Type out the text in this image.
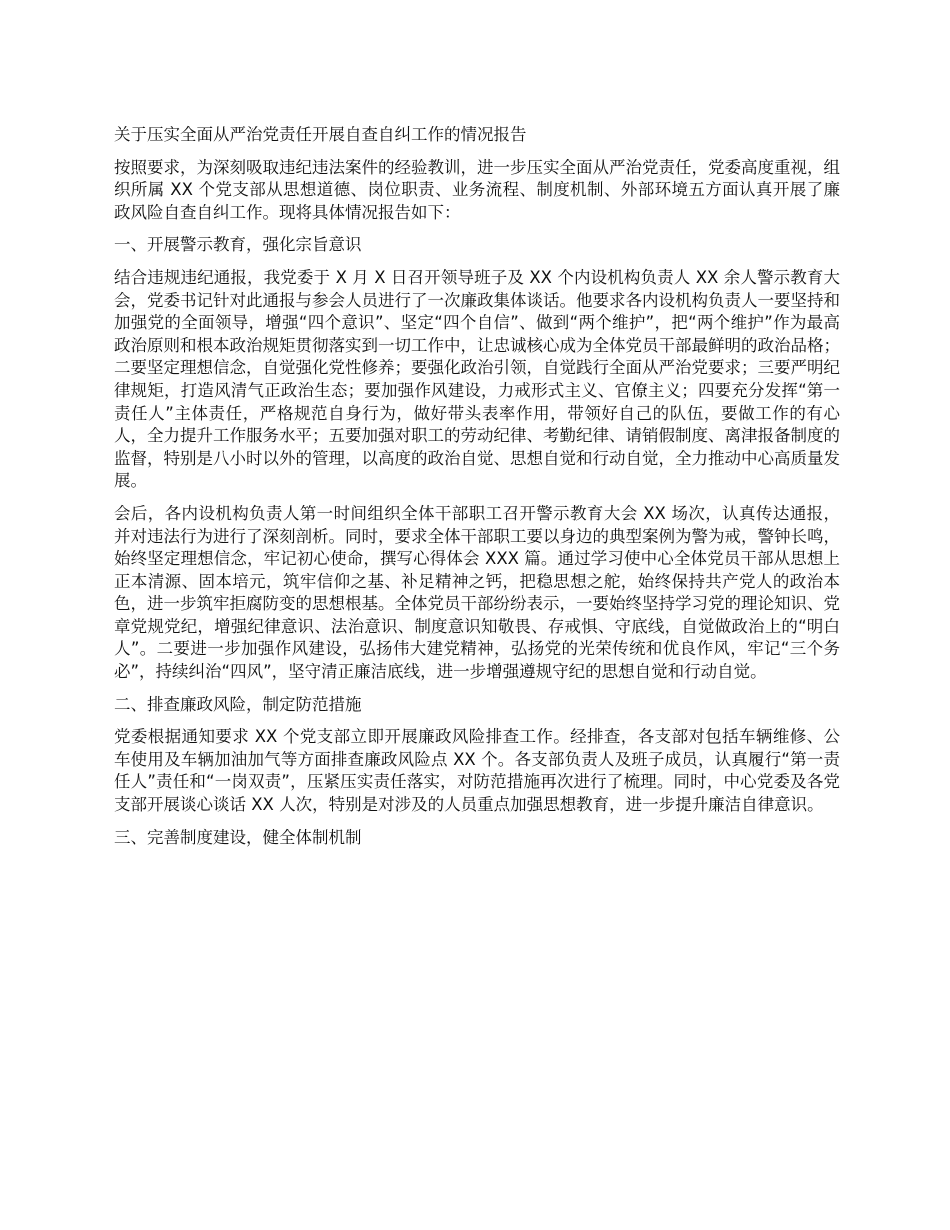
关于压实全面从严治党责任开展自查自纠工作的情况报告

按照要求，为深刻吸取违纪违法案件的经验教训，进一步压实全面从严治党责任，党委高度重视，组织所属 XX 个党支部从思想道德、岗位职责、业务流程、制度机制、外部环境五方面认真开展了廉政风险自查自纠工作。现将具体情况报告如下：

一、开展警示教育，强化宗旨意识

结合违规违纪通报，我党委于 X 月 X 日召开领导班子及 XX 个内设机构负责人 XX 余人警示教育大会，党委书记针对此通报与参会人员进行了一次廉政集体谈话。他要求各内设机构负责人一要坚持和加强党的全面领导，增强“四个意识”、坚定“四个自信”、做到“两个维护”，把“两个维护”作为最高政治原则和根本政治规矩贯彻落实到一切工作中，让忠诚核心成为全体党员干部最鲜明的政治品格；二要坚定理想信念，自觉强化党性修养；要强化政治引领，自觉践行全面从严治党要求；三要严明纪律规矩，打造风清气正政治生态；要加强作风建设，力戒形式主义、官僚主义；四要充分发挥“第一责任人”主体责任，严格规范自身行为，做好带头表率作用，带领好自己的队伍，要做工作的有心人，全力提升工作服务水平；五要加强对职工的劳动纪律、考勤纪律、请销假制度、离津报备制度的监督，特别是八小时以外的管理，以高度的政治自觉、思想自觉和行动自觉，全力推动中心高质量发展。

会后，各内设机构负责人第一时间组织全体干部职工召开警示教育大会 XX 场次，认真传达通报，并对违法行为进行了深刻剖析。同时，要求全体干部职工要以身边的典型案例为警为戒，警钟长鸣，始终坚定理想信念，牢记初心使命，撰写心得体会 XXX 篇。通过学习使中心全体党员干部从思想上正本清源、固本培元，筑牢信仰之基、补足精神之钙，把稳思想之舵，始终保持共产党人的政治本色，进一步筑牢拒腐防变的思想根基。全体党员干部纷纷表示，一要始终坚持学习党的理论知识、党章党规党纪，增强纪律意识、法治意识、制度意识知敬畏、存戒惧、守底线，自觉做政治上的“明白人”。二要进一步加强作风建设，弘扬伟大建党精神，弘扬党的光荣传统和优良作风，牢记“三个务必”，持续纠治“四风”，坚守清正廉洁底线，进一步增强遵规守纪的思想自觉和行动自觉。

二、排查廉政风险，制定防范措施

党委根据通知要求 XX 个党支部立即开展廉政风险排查工作。经排查，各支部对包括车辆维修、公车使用及车辆加油加气等方面排查廉政风险点 XX 个。各支部负责人及班子成员，认真履行“第一责任人”责任和“一岗双责”，压紧压实责任落实，对防范措施再次进行了梳理。同时，中心党委及各党支部开展谈心谈话 XX 人次，特别是对涉及的人员重点加强思想教育，进一步提升廉洁自律意识。

三、完善制度建设，健全体制机制
